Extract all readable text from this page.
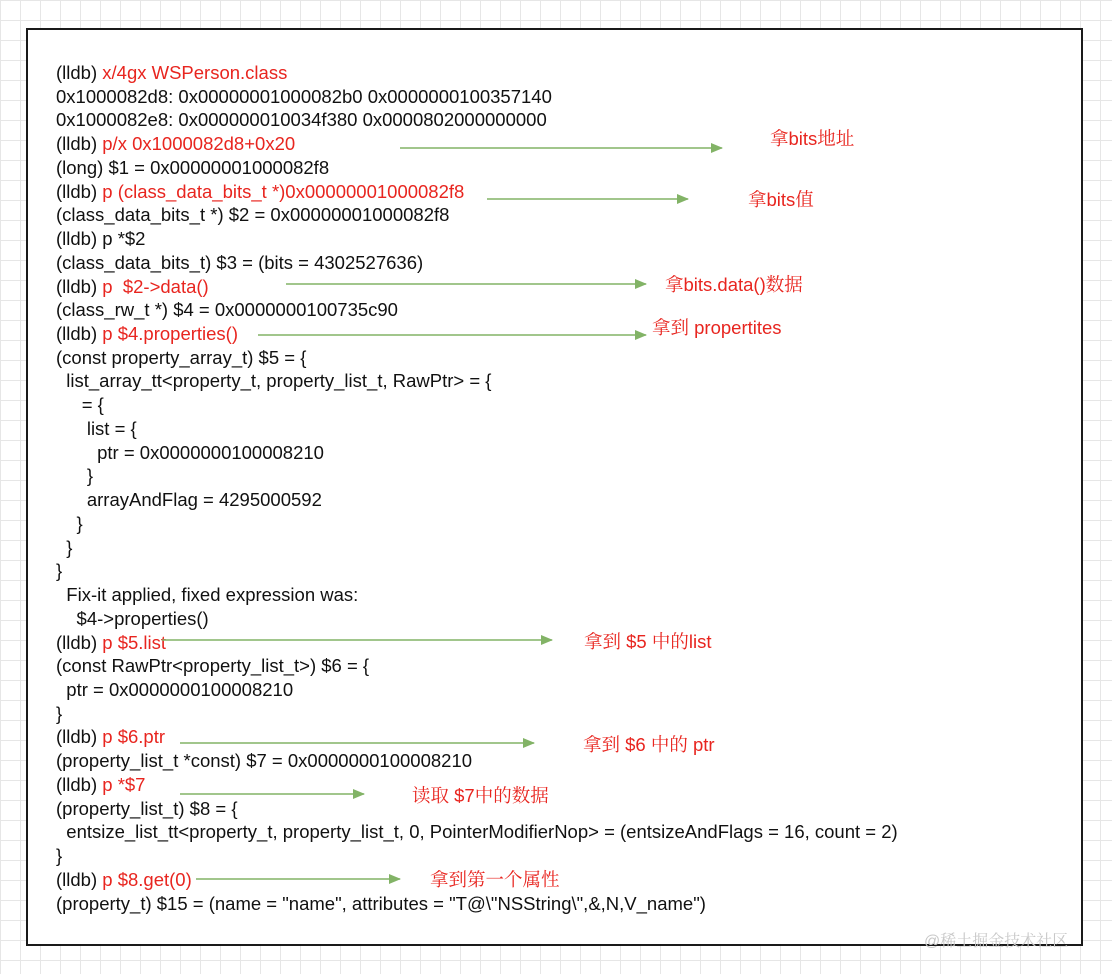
(lldb) x/4gx WSPerson.class
0x1000082d8: 0x00000001000082b0 0x0000000100357140
0x1000082e8: 0x000000010034f380 0x0000802000000000
(lldb) p/x 0x1000082d8+0x20
(long) $1 = 0x00000001000082f8
(lldb) p (class_data_bits_t *)0x00000001000082f8
(class_data_bits_t *) $2 = 0x00000001000082f8
(lldb) p *$2
(class_data_bits_t) $3 = (bits = 4302527636)
(lldb) p  $2->data()
(class_rw_t *) $4 = 0x0000000100735c90
(lldb) p $4.properties()
(const property_array_t) $5 = {
list_array_tt<property_t, property_list_t, RawPtr> = {
= {
list = {
ptr = 0x0000000100008210
}
arrayAndFlag = 4295000592
}
}
}
Fix-it applied, fixed expression was:
$4->properties()
(lldb) p $5.list
(const RawPtr<property_list_t>) $6 = {
ptr = 0x0000000100008210
}
(lldb) p $6.ptr
(property_list_t *const) $7 = 0x0000000100008210
(lldb) p *$7
(property_list_t) $8 = {
entsize_list_tt<property_t, property_list_t, 0, PointerModifierNop> = (entsizeAndFlags = 16, count = 2)
}
(lldb) p $8.get(0)
(property_t) $15 = (name = "name", attributes = "T@\"NSString\",&,N,V_name")
拿bits地址
拿bits值
拿bits.data()数据
拿到 propertites
拿到 $5 中的list
拿到 $6 中的 ptr
读取 $7中的数据
拿到第一个属性
@稀土掘金技术社区
